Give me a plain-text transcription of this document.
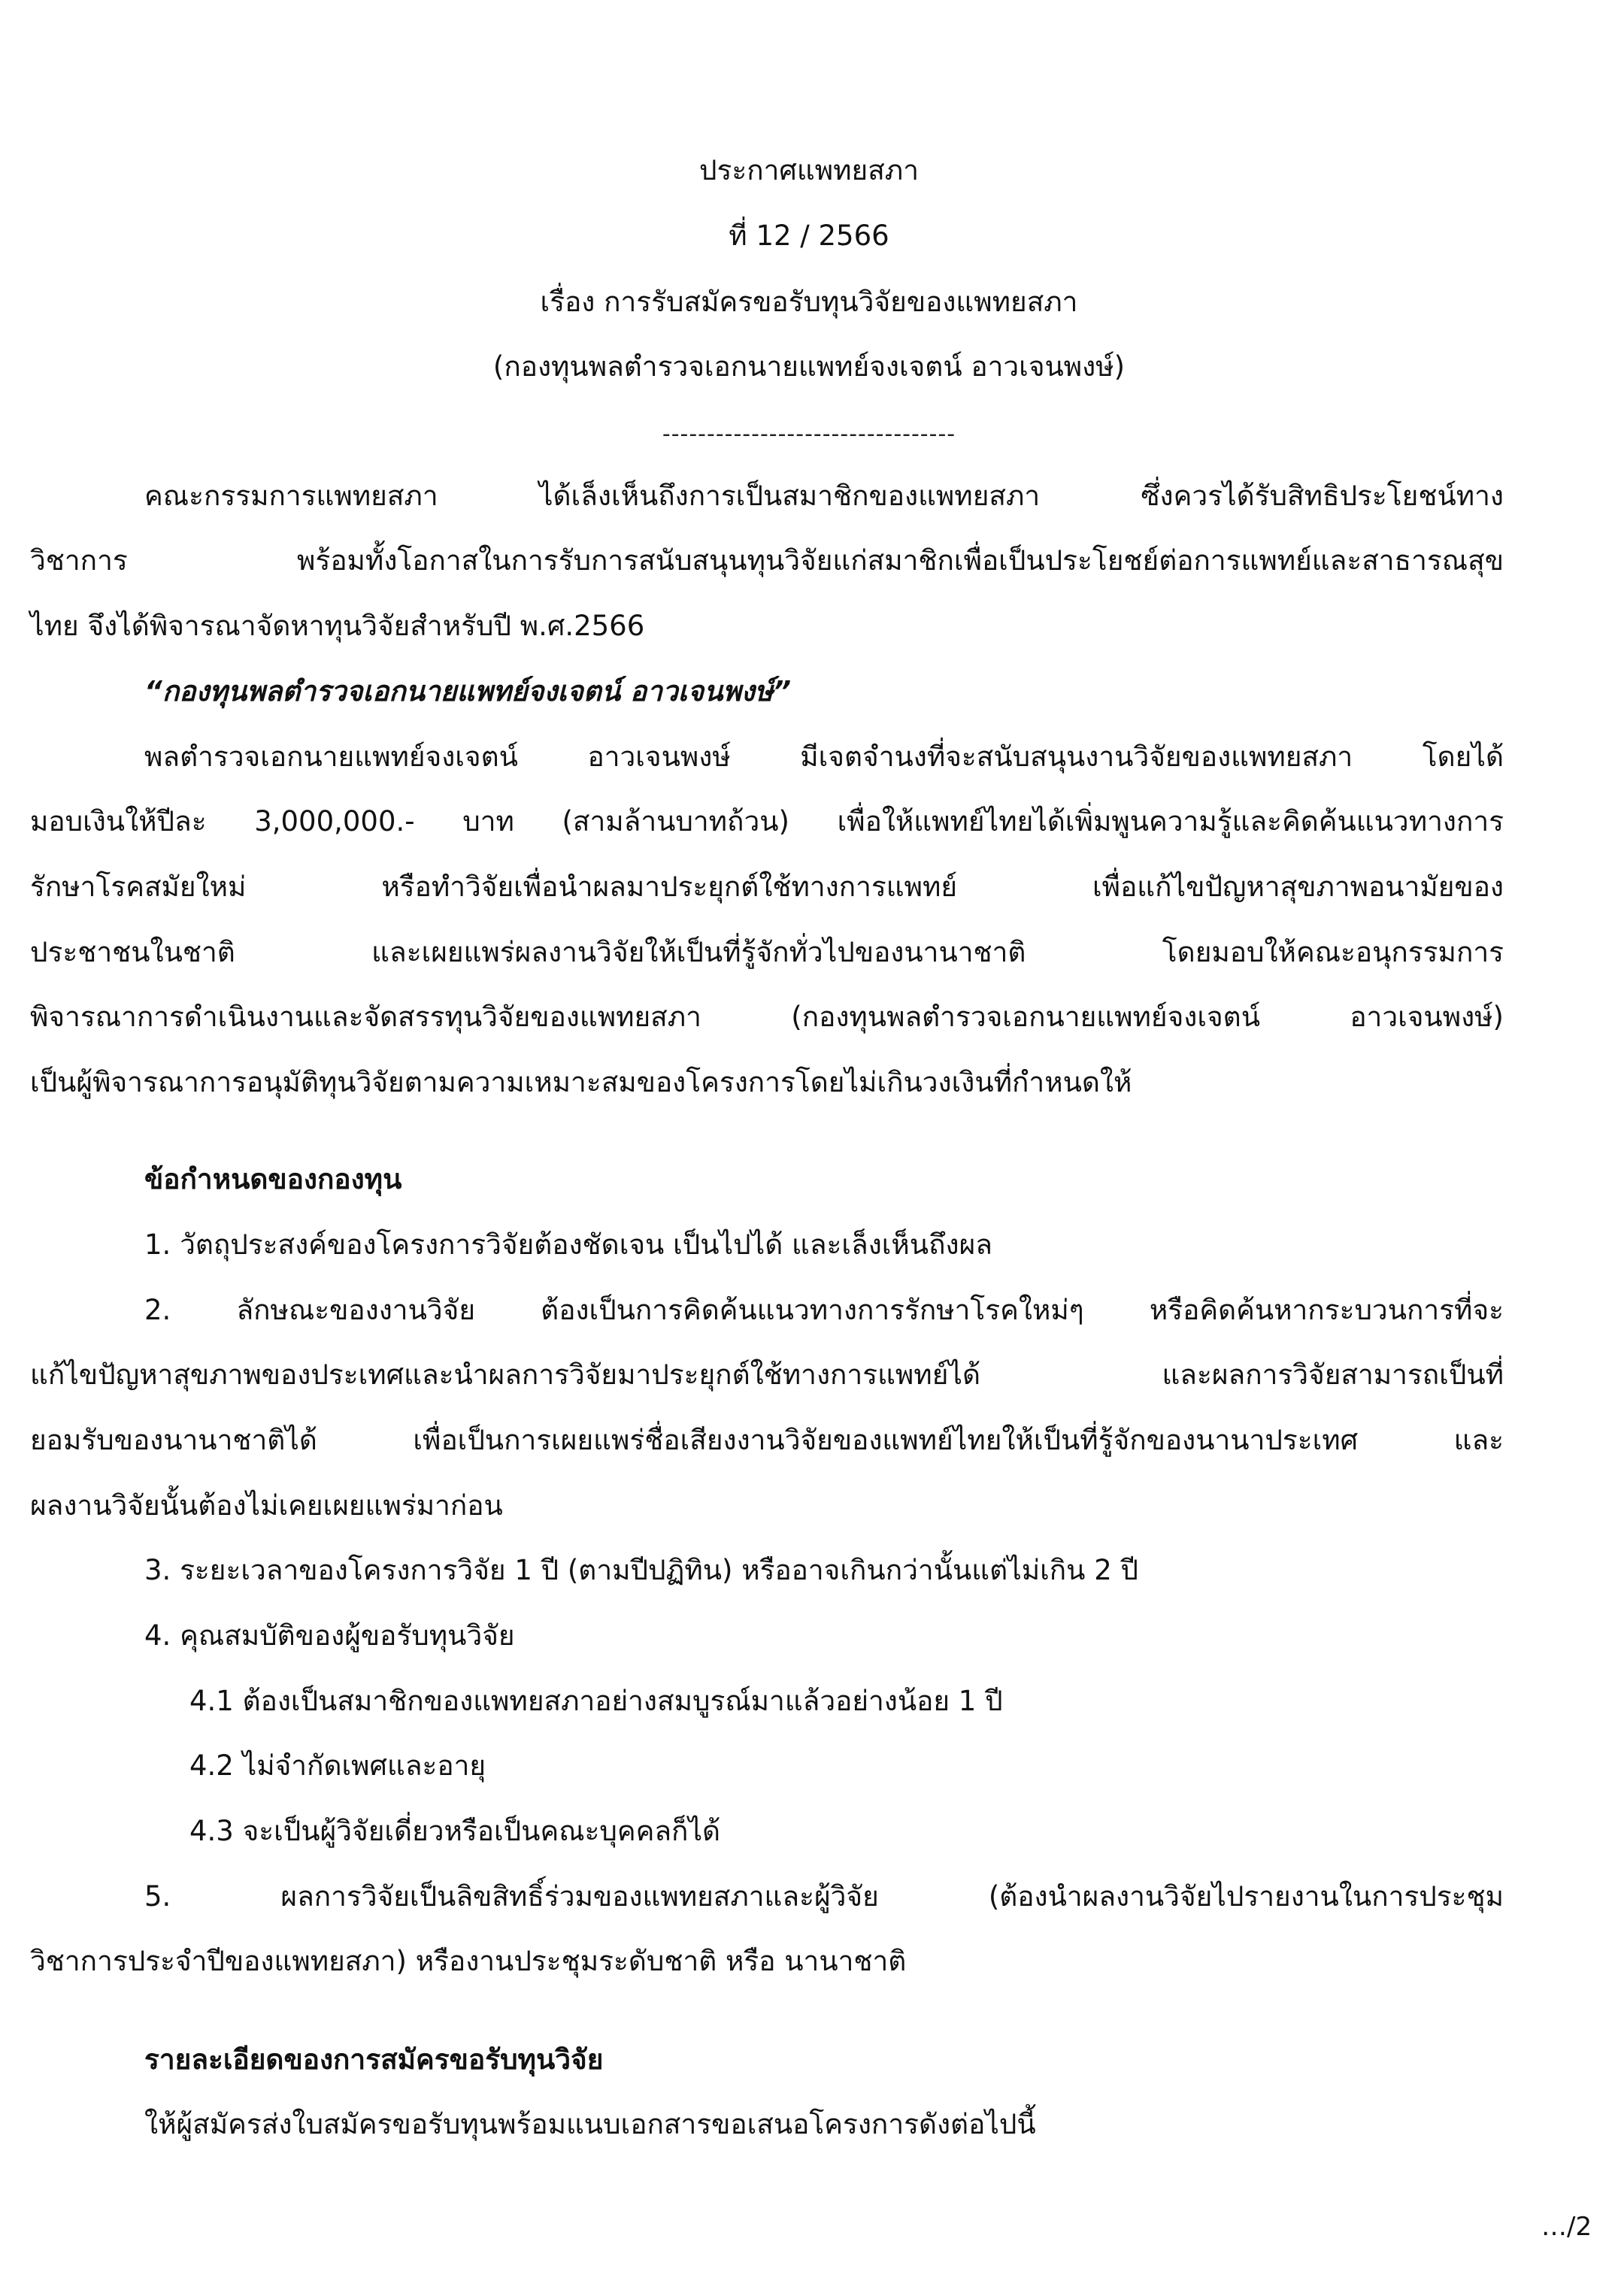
ประกาศแพทยสภา
ที่ 12 / 2566
เรื่อง การรับสมัครขอรับทุนวิจัยของแพทยสภา
(กองทุนพลตำรวจเอกนายแพทย์จงเจตน์ อาวเจนพงษ์)
---------------------------------
คณะกรรมการแพทยสภา ได้เล็งเห็นถึงการเป็นสมาชิกของแพทยสภา ซึ่งควรได้รับสิทธิประโยชน์ทาง
วิชาการ พร้อมทั้งโอกาสในการรับการสนับสนุนทุนวิจัยแก่สมาชิกเพื่อเป็นประโยชย์ต่อการแพทย์และสาธารณสุข
ไทย จึงได้พิจารณาจัดหาทุนวิจัยสำหรับปี พ.ศ.2566
“กองทุนพลตำรวจเอกนายแพทย์จงเจตน์ อาวเจนพงษ์”
พลตำรวจเอกนายแพทย์จงเจตน์ อาวเจนพงษ์ มีเจตจำนงที่จะสนับสนุนงานวิจัยของแพทยสภา โดยได้
มอบเงินให้ปีละ 3,000,000.- บาท (สามล้านบาทถ้วน) เพื่อให้แพทย์ไทยได้เพิ่มพูนความรู้และคิดค้นแนวทางการ
รักษาโรคสมัยใหม่ หรือทำวิจัยเพื่อนำผลมาประยุกต์ใช้ทางการแพทย์ เพื่อแก้ไขปัญหาสุขภาพอนามัยของ
ประชาชนในชาติ และเผยแพร่ผลงานวิจัยให้เป็นที่รู้จักทั่วไปของนานาชาติ โดยมอบให้คณะอนุกรรมการ
พิจารณาการดำเนินงานและจัดสรรทุนวิจัยของแพทยสภา (กองทุนพลตำรวจเอกนายแพทย์จงเจตน์ อาวเจนพงษ์)
เป็นผู้พิจารณาการอนุมัติทุนวิจัยตามความเหมาะสมของโครงการโดยไม่เกินวงเงินที่กำหนดให้
ข้อกำหนดของกองทุน
1. วัตถุประสงค์ของโครงการวิจัยต้องชัดเจน เป็นไปได้ และเล็งเห็นถึงผล
2. ลักษณะของงานวิจัย ต้องเป็นการคิดค้นแนวทางการรักษาโรคใหม่ๆ หรือคิดค้นหากระบวนการที่จะ
แก้ไขปัญหาสุขภาพของประเทศและนำผลการวิจัยมาประยุกต์ใช้ทางการแพทย์ได้ และผลการวิจัยสามารถเป็นที่
ยอมรับของนานาชาติได้ เพื่อเป็นการเผยแพร่ชื่อเสียงงานวิจัยของแพทย์ไทยให้เป็นที่รู้จักของนานาประเทศ และ
ผลงานวิจัยนั้นต้องไม่เคยเผยแพร่มาก่อน
3. ระยะเวลาของโครงการวิจัย 1 ปี (ตามปีปฏิทิน) หรืออาจเกินกว่านั้นแต่ไม่เกิน 2 ปี
4. คุณสมบัติของผู้ขอรับทุนวิจัย
4.1 ต้องเป็นสมาชิกของแพทยสภาอย่างสมบูรณ์มาแล้วอย่างน้อย 1 ปี
4.2 ไม่จำกัดเพศและอายุ
4.3 จะเป็นผู้วิจัยเดี่ยวหรือเป็นคณะบุคคลก็ได้
5. ผลการวิจัยเป็นลิขสิทธิ์ร่วมของแพทยสภาและผู้วิจัย (ต้องนำผลงานวิจัยไปรายงานในการประชุม
วิชาการประจำปีของแพทยสภา) หรืองานประชุมระดับชาติ หรือ นานาชาติ
รายละเอียดของการสมัครขอรับทุนวิจัย
ให้ผู้สมัครส่งใบสมัครขอรับทุนพร้อมแนบเอกสารขอเสนอโครงการดังต่อไปนี้
…/2
